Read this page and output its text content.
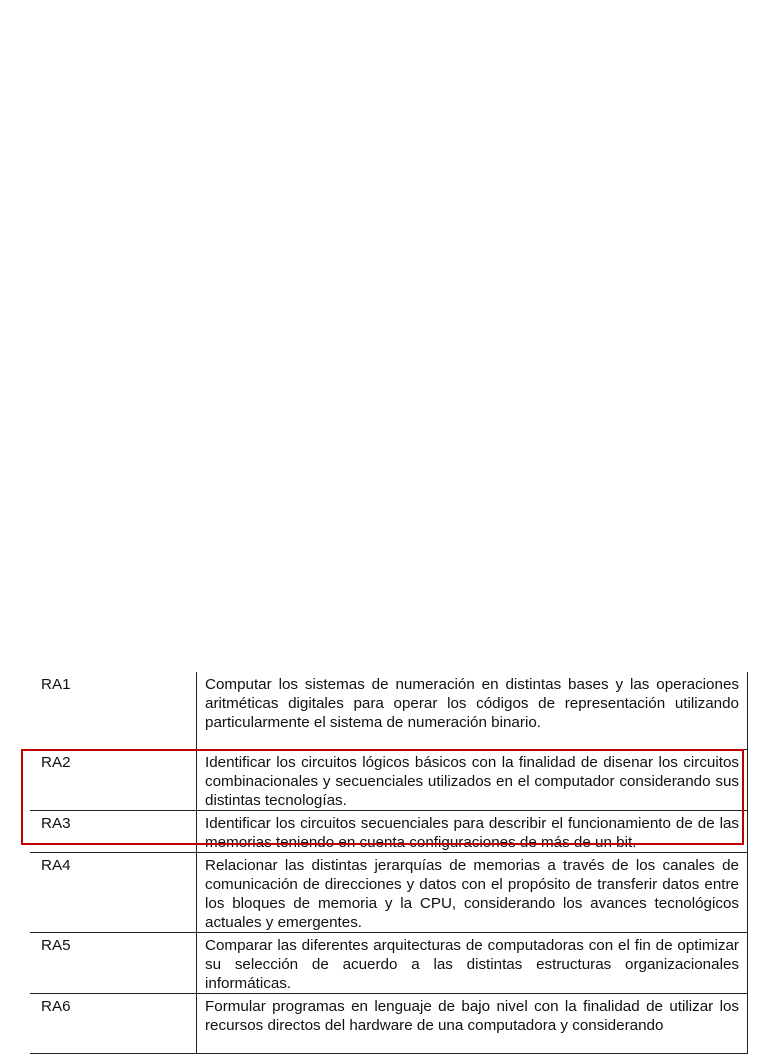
RA1	Computar los sistemas de numeración en distintas bases y las operaciones aritméticas digitales para operar los códigos de representación utilizando particularmente el sistema de numeración binario.
RA2	Identificar los circuitos lógicos básicos con la finalidad de disenar los circuitos combinacionales y secuenciales utilizados en el computador considerando sus distintas tecnologías.
RA3	Identificar los circuitos secuenciales para describir el funcionamiento de de las memorias teniendo en cuenta configuraciones de más de un bit.
RA4	Relacionar las distintas jerarquías de memorias a través de los canales de comunicación de direcciones y datos con el propósito de transferir datos entre los bloques de memoria y la CPU, considerando los avances tecnológicos actuales y emergentes.
RA5	Comparar las diferentes arquitecturas de computadoras con el fin de optimizar su selección de acuerdo a las distintas estructuras organizacionales informáticas.
RA6	Formular programas en lenguaje de bajo nivel con la finalidad de utilizar los recursos directos del hardware de una computadora y considerando
